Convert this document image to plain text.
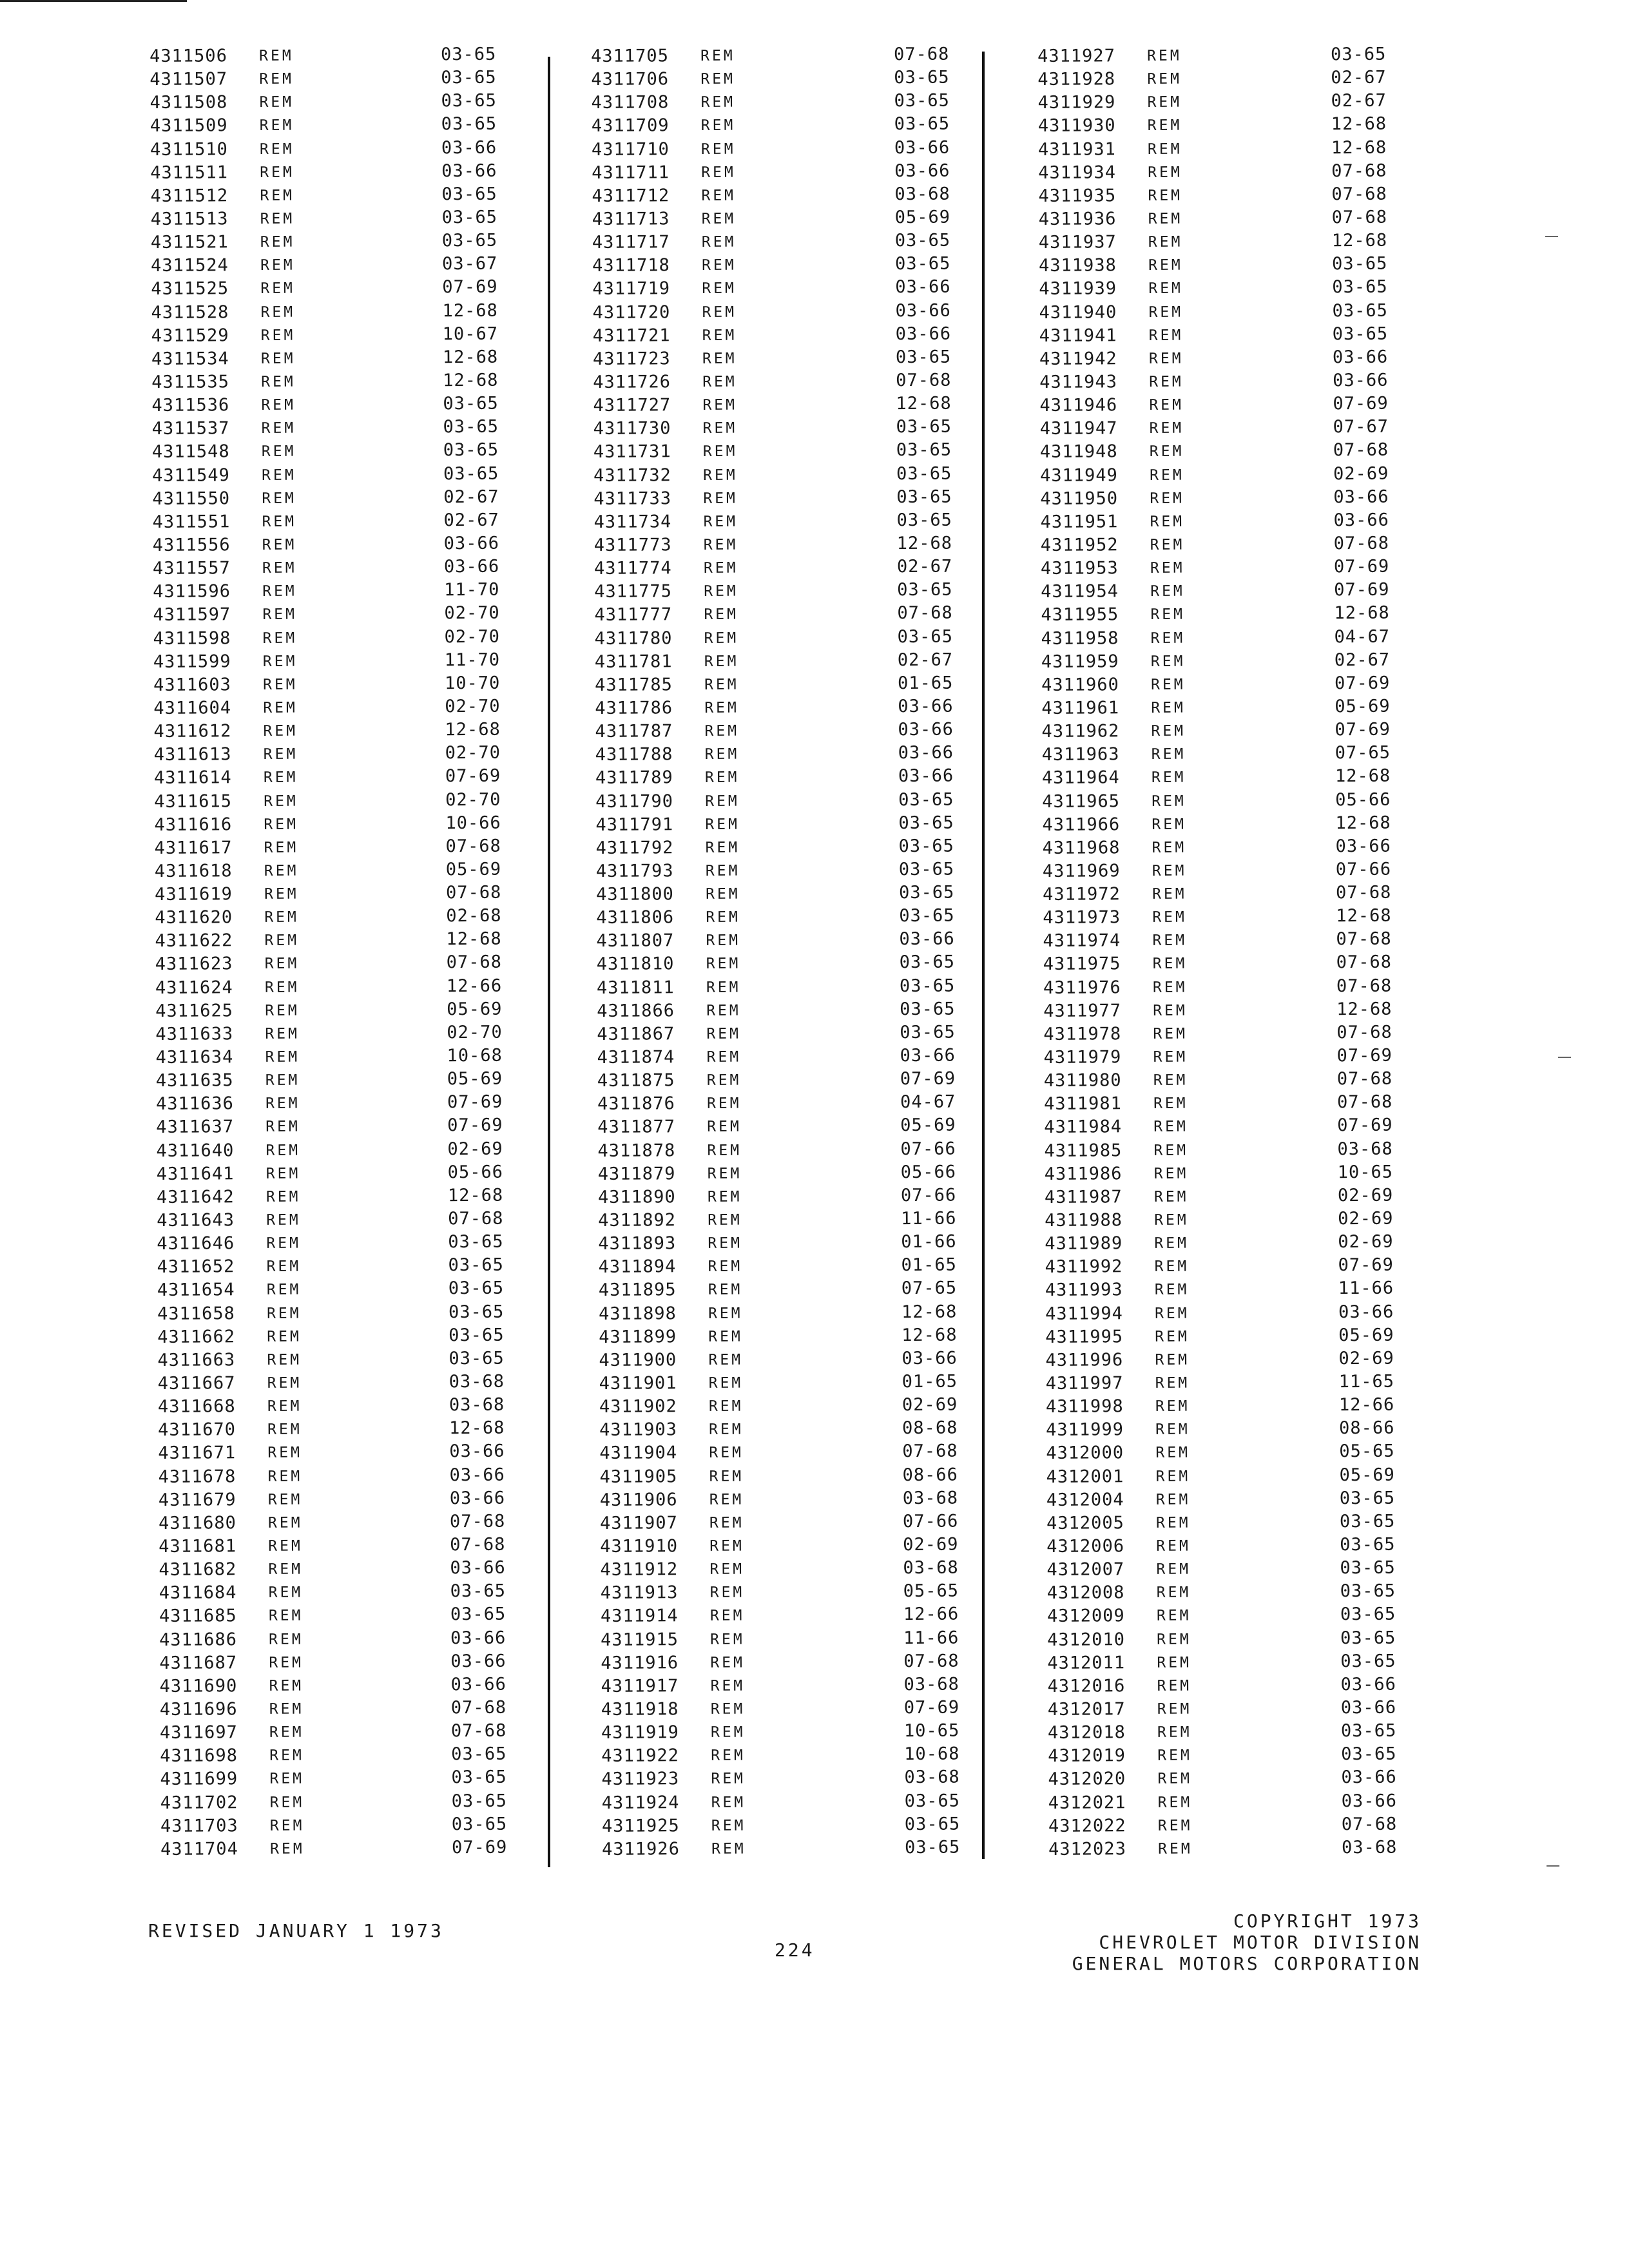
4311506 REM	03-65
4311507 REM	03-65
4311508 REM	03-65
4311509 REM	03-65
4311510 REM	03-66
4311511 REM	03-66
4311512 REM	03-65
4311513 REM	03-65
4311521 REM	03-65
4311524 REM	03-67
4311525 REM	07-69
4311528 REM	12-68
4311529 REM	10-67
4311534 REM	12-68
4311535 REM	12-68
4311536 REM	03-65
4311537 REM	03-65
4311548 REM	03-65
4311549 REM	03-65
4311550 REM	02-67
4311551 REM	02-67
4311556 REM	03-66
4311557 REM	03-66
4311596 REM	11-70
4311597 REM	02-70
4311598 REM	02-70
4311599 REM	11-70
4311603 REM	10-70
4311604 REM	02-70
4311612 REM	12-68
4311613 REM	02-70
4311614 REM	07-69
4311615 REM	02-70
4311616 REM	10-66
4311617 REM	07-68
4311618 REM	05-69
4311619 REM	07-68
4311620 REM	02-68
4311622 REM	12-68
4311623 REM	07-68
4311624 REM	12-66
4311625 REM	05-69
4311633 REM	02-70
4311634 REM	10-68
4311635 REM	05-69
4311636 REM	07-69
4311637 REM	07-69
4311640 REM	02-69
4311641 REM	05-66
4311642 REM	12-68
4311643 REM	07-68
4311646 REM	03-65
4311652 REM	03-65
4311654 REM	03-65
4311658 REM	03-65
4311662 REM	03-65
4311663 REM	03-65
4311667 REM	03-68
4311668 REM	03-68
4311670 REM	12-68
4311671 REM	03-66
4311678 REM	03-66
4311679 REM	03-66
4311680 REM	07-68
4311681 REM	07-68
4311682 REM	03-66
4311684 REM	03-65
4311685 REM	03-65
4311686 REM	03-66
4311687 REM	03-66
4311690 REM	03-66
4311696 REM	07-68
4311697 REM	07-68
4311698 REM	03-65
4311699 REM	03-65
4311702 REM	03-65
4311703 REM	03-65
4311704 REM	07-69
4311705 REM	07-68
4311706 REM	03-65
4311708 REM	03-65
4311709 REM	03-65
4311710 REM	03-66
4311711 REM	03-66
4311712 REM	03-68
4311713 REM	05-69
4311717 REM	03-65
4311718 REM	03-65
4311719 REM	03-66
4311720 REM	03-66
4311721 REM	03-66
4311723 REM	03-65
4311726 REM	07-68
4311727 REM	12-68
4311730 REM	03-65
4311731 REM	03-65
4311732 REM	03-65
4311733 REM	03-65
4311734 REM	03-65
4311773 REM	12-68
4311774 REM	02-67
4311775 REM	03-65
4311777 REM	07-68
4311780 REM	03-65
4311781 REM	02-67
4311785 REM	01-65
4311786 REM	03-66
4311787 REM	03-66
4311788 REM	03-66
4311789 REM	03-66
4311790 REM	03-65
4311791 REM	03-65
4311792 REM	03-65
4311793 REM	03-65
4311800 REM	03-65
4311806 REM	03-65
4311807 REM	03-66
4311810 REM	03-65
4311811 REM	03-65
4311866 REM	03-65
4311867 REM	03-65
4311874 REM	03-66
4311875 REM	07-69
4311876 REM	04-67
4311877 REM	05-69
4311878 REM	07-66
4311879 REM	05-66
4311890 REM	07-66
4311892 REM	11-66
4311893 REM	01-66
4311894 REM	01-65
4311895 REM	07-65
4311898 REM	12-68
4311899 REM	12-68
4311900 REM	03-66
4311901 REM	01-65
4311902 REM	02-69
4311903 REM	08-68
4311904 REM	07-68
4311905 REM	08-66
4311906 REM	03-68
4311907 REM	07-66
4311910 REM	02-69
4311912 REM	03-68
4311913 REM	05-65
4311914 REM	12-66
4311915 REM	11-66
4311916 REM	07-68
4311917 REM	03-68
4311918 REM	07-69
4311919 REM	10-65
4311922 REM	10-68
4311923 REM	03-68
4311924 REM	03-65
4311925 REM	03-65
4311926 REM	03-65
4311927 REM	03-65
4311928 REM	02-67
4311929 REM	02-67
4311930 REM	12-68
4311931 REM	12-68
4311934 REM	07-68
4311935 REM	07-68
4311936 REM	07-68
4311937 REM	12-68
4311938 REM	03-65
4311939 REM	03-65
4311940 REM	03-65
4311941 REM	03-65
4311942 REM	03-66
4311943 REM	03-66
4311946 REM	07-69
4311947 REM	07-67
4311948 REM	07-68
4311949 REM	02-69
4311950 REM	03-66
4311951 REM	03-66
4311952 REM	07-68
4311953 REM	07-69
4311954 REM	07-69
4311955 REM	12-68
4311958 REM	04-67
4311959 REM	02-67
4311960 REM	07-69
4311961 REM	05-69
4311962 REM	07-69
4311963 REM	07-65
4311964 REM	12-68
4311965 REM	05-66
4311966 REM	12-68
4311968 REM	03-66
4311969 REM	07-66
4311972 REM	07-68
4311973 REM	12-68
4311974 REM	07-68
4311975 REM	07-68
4311976 REM	07-68
4311977 REM	12-68
4311978 REM	07-68
4311979 REM	07-69
4311980 REM	07-68
4311981 REM	07-68
4311984 REM	07-69
4311985 REM	03-68
4311986 REM	10-65
4311987 REM	02-69
4311988 REM	02-69
4311989 REM	02-69
4311992 REM	07-69
4311993 REM	11-66
4311994 REM	03-66
4311995 REM	05-69
4311996 REM	02-69
4311997 REM	11-65
4311998 REM	12-66
4311999 REM	08-66
4312000 REM	05-65
4312001 REM	05-69
4312004 REM	03-65
4312005 REM	03-65
4312006 REM	03-65
4312007 REM	03-65
4312008 REM	03-65
4312009 REM	03-65
4312010 REM	03-65
4312011 REM	03-65
4312016 REM	03-66
4312017 REM	03-66
4312018 REM	03-65
4312019 REM	03-65
4312020 REM	03-66
4312021 REM	03-66
4312022 REM	07-68
4312023 REM	03-68
REVISED JANUARY 1 1973
224
COPYRIGHT 1973
CHEVROLET MOTOR DIVISION
GENERAL MOTORS CORPORATION
